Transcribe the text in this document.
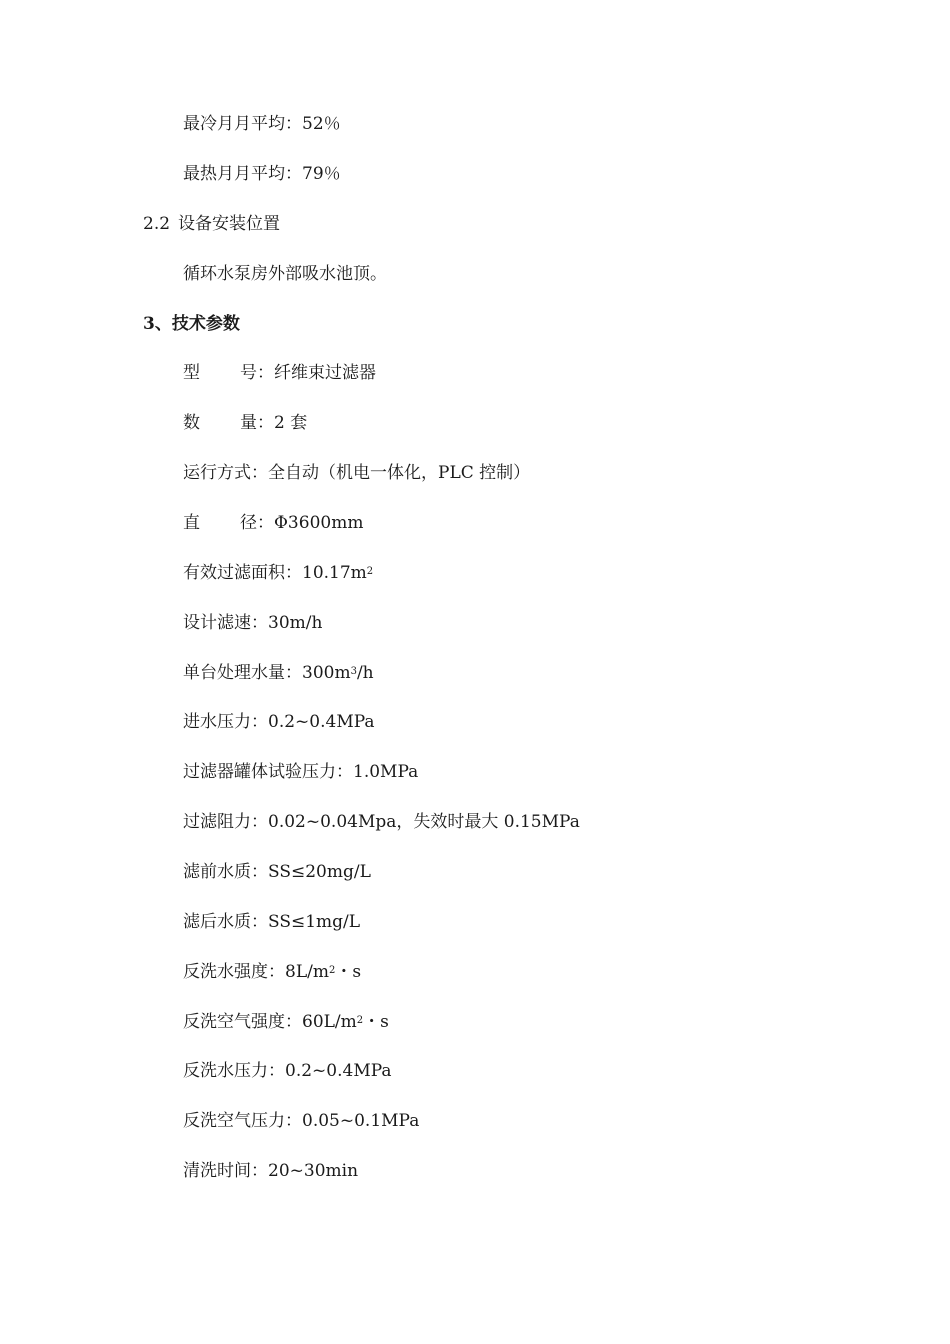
最冷月月平均：52％
最热月月平均：79％
2.2 设备安装位置
循环水泵房外部吸水池顶。
3、技术参数
型 号：纤维束过滤器
数 量：2 套
运行方式：全自动（机电一体化，PLC 控制）
直 径：Φ3600mm
有效过滤面积：$10.17m^2$
设计滤速：30m/h
单台处理水量：$300m^3/h$
进水压力：0.2~0.4MPa
过滤器罐体试验压力：1.0MPa
过滤阻力：0.02~0.04Mpa，失效时最大 0.15MPa
滤前水质：SS≤20mg/L
滤后水质：SS≤1mg/L
反洗水强度：$8L/m^2$・s
反洗空气强度：$60L/m^2$・s
反洗水压力：0.2~0.4MPa
反洗空气压力：0.05~0.1MPa
清洗时间：20~30min
